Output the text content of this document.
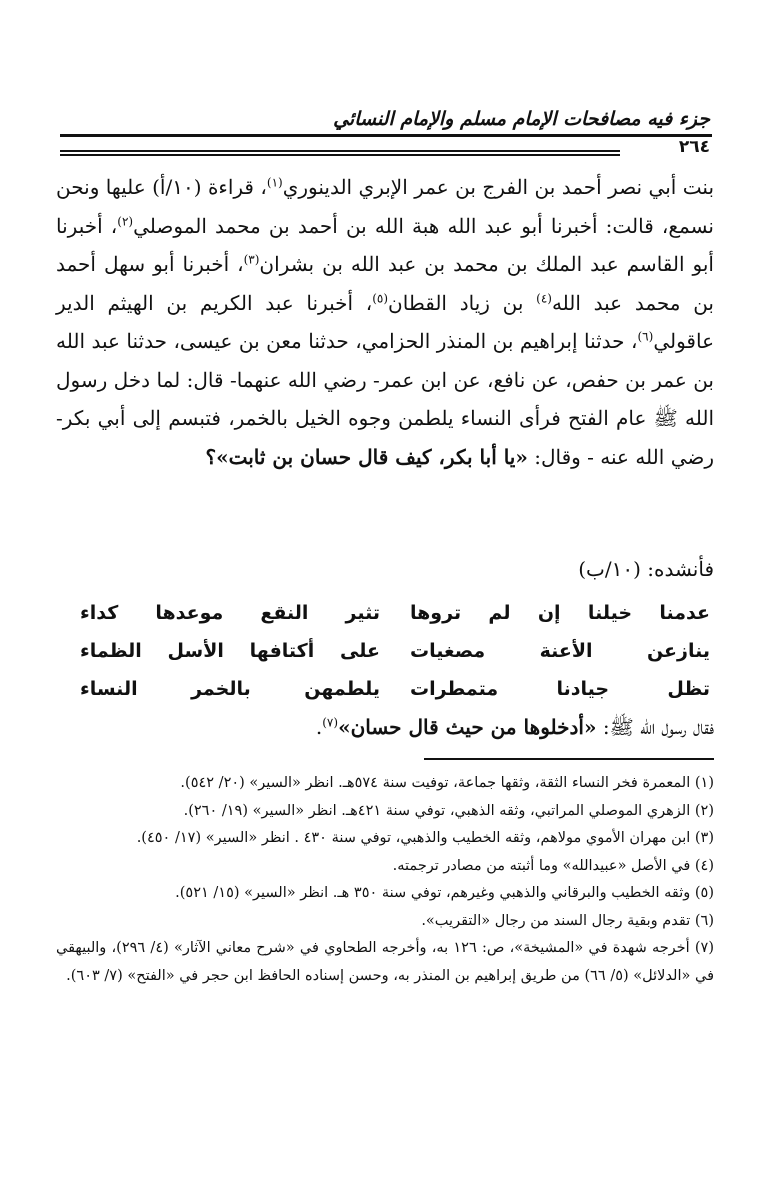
جزء فيه مصافحات الإمام مسلم والإمام النسائي
٢٦٤

بنت أبي نصر أحمد بن الفرج بن عمر الإبري الدينوري$^{(١)}$، قراءة (١٠/أ) عليها ونحن نسمع، قالت: أخبرنا أبو عبد الله هبة الله بن أحمد بن محمد الموصلي$^{(٢)}$، أخبرنا أبو القاسم عبد الملك بن محمد بن عبد الله بن بشران$^{(٣)}$، أخبرنا أبو سهل أحمد بن محمد عبد الله$^{(٤)}$ بن زياد القطان$^{(٥)}$، أخبرنا عبد الكريم بن الهيثم الدير عاقولي$^{(٦)}$، حدثنا إبراهيم بن المنذر الحزامي، حدثنا معن بن عيسى، حدثنا عبد الله بن عمر بن حفص، عن نافع، عن ابن عمر- رضي الله عنهما- قال: لما دخل رسول الله ﷺ عام الفتح فرأى النساء يلطمن وجوه الخيل بالخمر، فتبسم إلى أبي بكر- رضي الله عنه - وقال: «يا أبا بكر، كيف قال حسان بن ثابت»؟

فأنشده: (١٠/ب)
عدمنا خيلنا إن لم تروها
تثير النقع موعدها كداء
ينازعن الأعنة مصغيات
على أكتافها الأسل الظماء
تظل جيادنا متمطرات
يلطمهن بالخمر النساء
فقال رسول الله ﷺ: «أدخلوها من حيث قال حسان»$^{(٧)}$.

(١) المعمرة فخر النساء الثقة، وثقها جماعة، توفيت سنة ٥٧٤هـ. انظر «السير» (٢٠/ ٥٤٢).

(٢) الزهري الموصلي المراتبي، وثقه الذهبي، توفي سنة ٤٢١هـ. انظر «السير» (١٩/ ٢٦٠).

(٣) ابن مهران الأموي مولاهم، وثقه الخطيب والذهبي، توفي سنة ٤٣٠ . انظر «السير» (١٧/ ٤٥٠).

(٤) في الأصل «عبيدالله» وما أثبته من مصادر ترجمته.

(٥) وثقه الخطيب والبرقاني والذهبي وغيرهم، توفي سنة ٣٥٠ هـ. انظر «السير» (١٥/ ٥٢١).

(٦) تقدم وبقية رجال السند من رجال «التقريب».

(٧) أخرجه شهدة في «المشيخة»، ص: ١٢٦ به، وأخرجه الطحاوي في «شرح معاني الآثار» (٤/ ٢٩٦)، والبيهقي في «الدلائل» (٥/ ٦٦) من طريق إبراهيم بن المنذر به، وحسن إسناده الحافظ ابن حجر في «الفتح» (٧/ ٦٠٣).
